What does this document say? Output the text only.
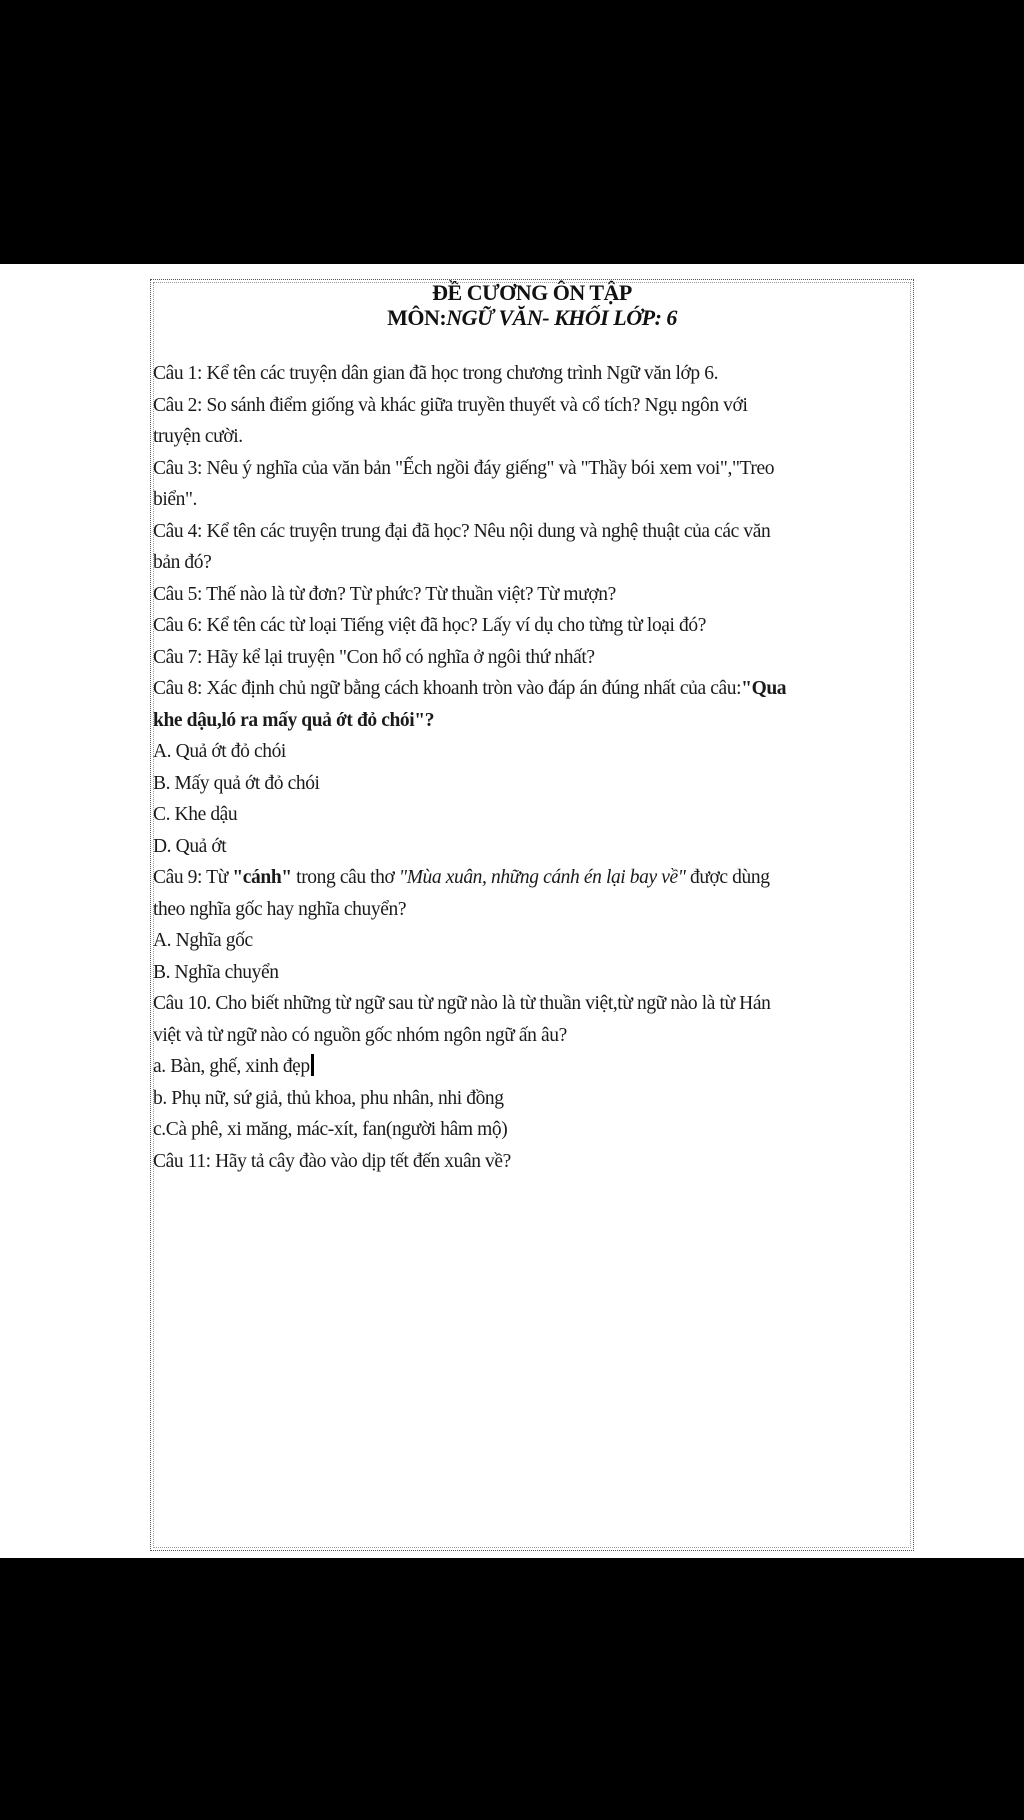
ĐỀ CƯƠNG ÔN TẬP
MÔN:NGỮ VĂN- KHỐI LỚP: 6
Câu 1: Kể tên các truyện dân gian đã học trong chương trình Ngữ văn lớp 6.
Câu 2: So sánh điểm giống và khác giữa truyền thuyết và cổ tích? Ngụ ngôn với
truyện cười.
Câu 3: Nêu ý nghĩa của văn bản "Ếch ngồi đáy giếng" và "Thầy bói xem voi","Treo
biển".
Câu 4: Kể tên các truyện trung đại đã học? Nêu nội dung và nghệ thuật của các văn
bản đó?
Câu 5: Thế nào là từ đơn? Từ phức? Từ thuần việt? Từ mượn?
Câu 6: Kể tên các từ loại Tiếng việt đã học? Lấy ví dụ cho từng từ loại đó?
Câu 7: Hãy kể lại truyện "Con hổ có nghĩa ở ngôi thứ nhất?
Câu 8: Xác định chủ ngữ bằng cách khoanh tròn vào đáp án đúng nhất của câu:"Qua
khe dậu,ló ra mấy quả ớt đỏ chói"?
A. Quả ớt đỏ chói
B. Mấy quả ớt đỏ chói
C. Khe dậu
D. Quả ớt
Câu 9: Từ "cánh" trong câu thơ "Mùa xuân, những cánh én lại bay về" được dùng
theo nghĩa gốc hay nghĩa chuyển?
A. Nghĩa gốc
B. Nghĩa chuyển
Câu 10. Cho biết những từ ngữ sau từ ngữ nào là từ thuần việt,từ ngữ nào là từ Hán
việt và từ ngữ nào có nguồn gốc nhóm ngôn ngữ ấn âu?
a. Bàn, ghế, xinh đẹp
b. Phụ nữ, sứ giả, thủ khoa, phu nhân, nhi đồng
c.Cà phê, xi măng, mác-xít, fan(người hâm mộ)
Câu 11: Hãy tả cây đào vào dịp tết đến xuân về?
